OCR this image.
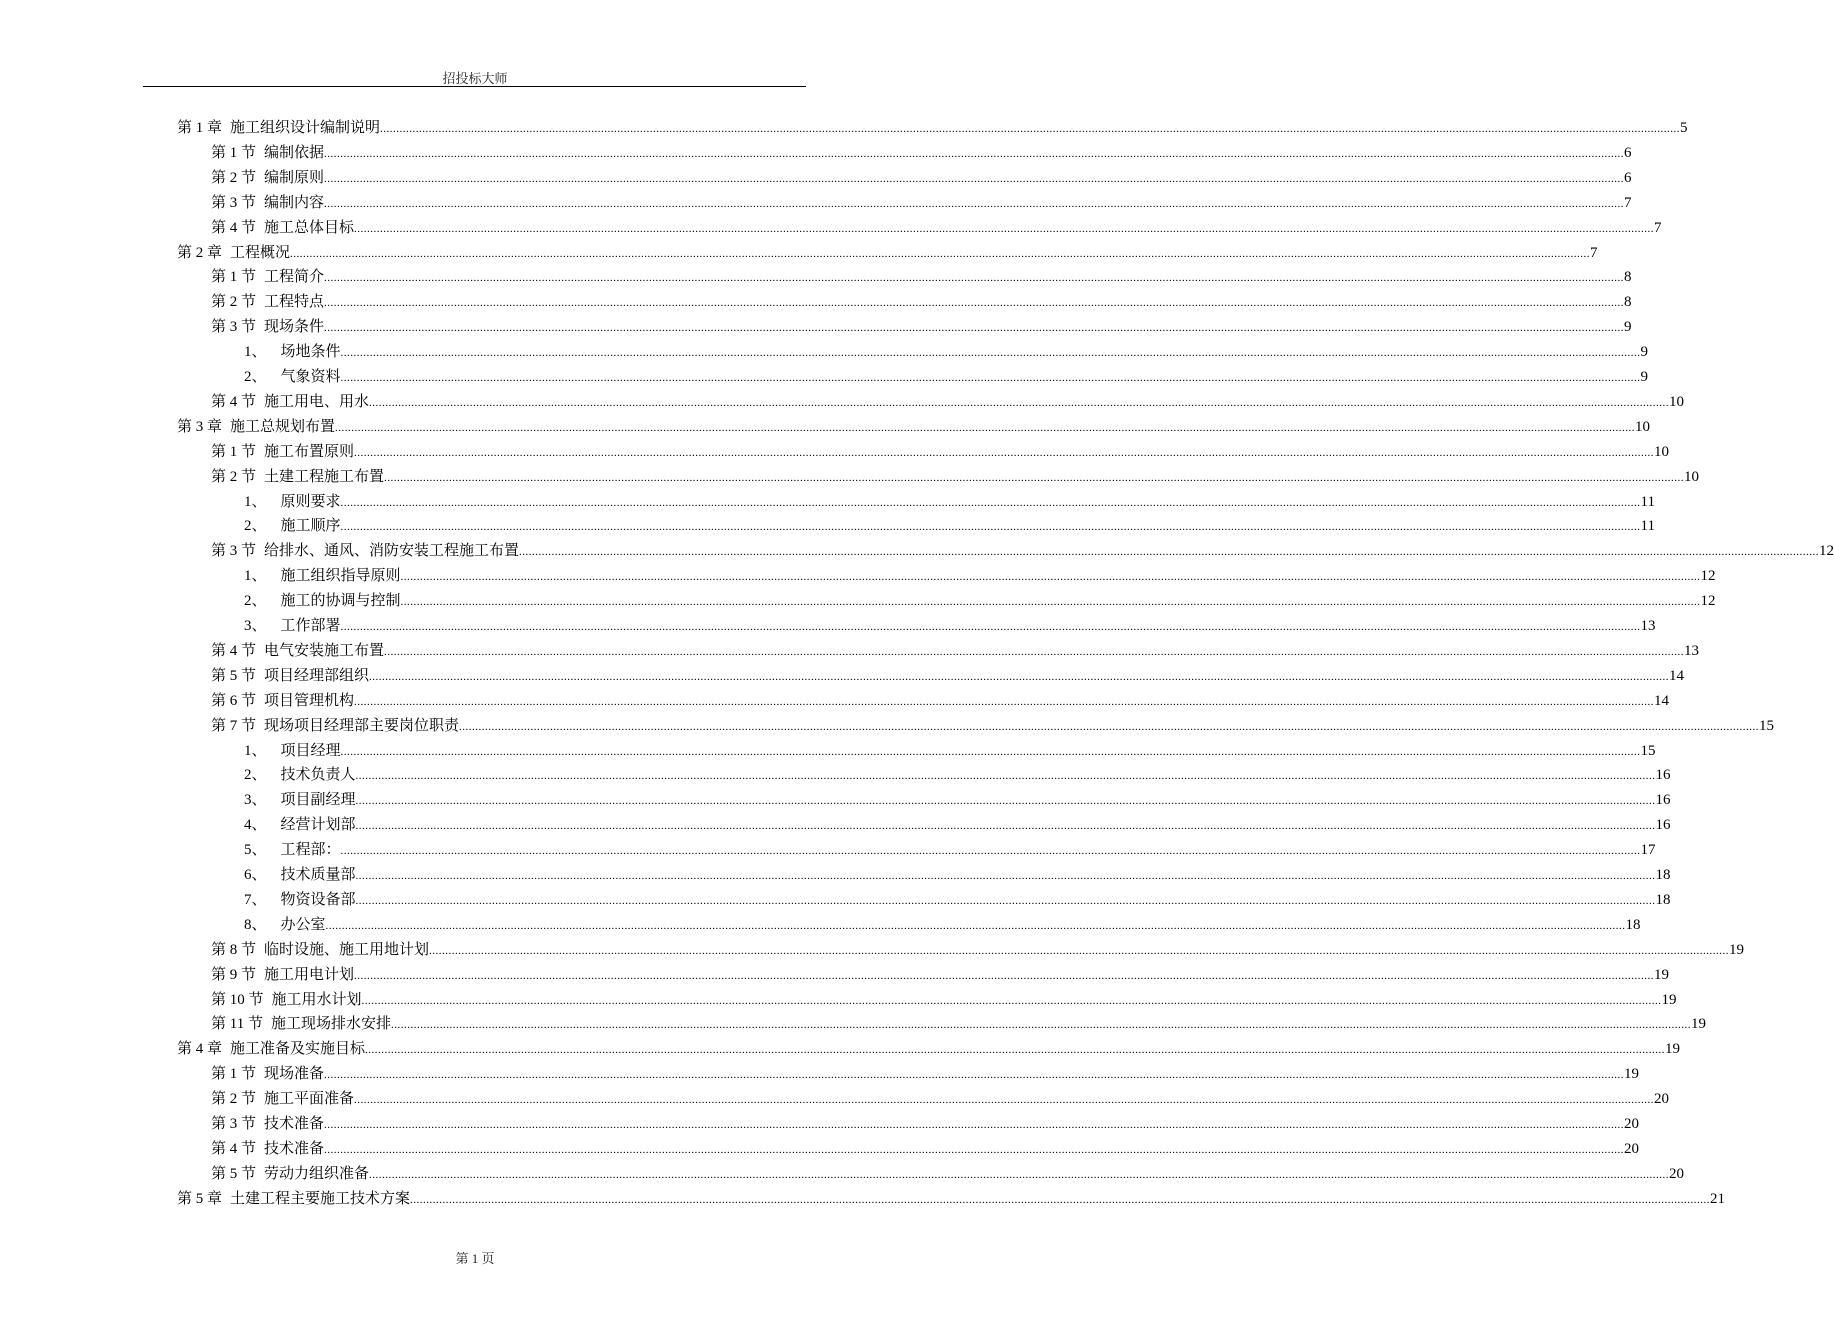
招投标大师
第 1 章 施工组织设计编制说明 ................................................................................................................................................................................................................................................................................................................................................................................................................ 5
第 1 节 编制依据 ................................................................................................................................................................................................................................................................................................................................................................................................................ 6
第 2 节 编制原则 ................................................................................................................................................................................................................................................................................................................................................................................................................ 6
第 3 节 编制内容 ................................................................................................................................................................................................................................................................................................................................................................................................................ 7
第 4 节 施工总体目标 ................................................................................................................................................................................................................................................................................................................................................................................................................ 7
第 2 章 工程概况 ................................................................................................................................................................................................................................................................................................................................................................................................................ 7
第 1 节 工程简介 ................................................................................................................................................................................................................................................................................................................................................................................................................ 8
第 2 节 工程特点 ................................................................................................................................................................................................................................................................................................................................................................................................................ 8
第 3 节 现场条件 ................................................................................................................................................................................................................................................................................................................................................................................................................ 9
1、 场地条件 ................................................................................................................................................................................................................................................................................................................................................................................................................ 9
2、 气象资料 ................................................................................................................................................................................................................................................................................................................................................................................................................ 9
第 4 节 施工用电、用水 ................................................................................................................................................................................................................................................................................................................................................................................................................ 10
第 3 章 施工总规划布置 ................................................................................................................................................................................................................................................................................................................................................................................................................ 10
第 1 节 施工布置原则 ................................................................................................................................................................................................................................................................................................................................................................................................................ 10
第 2 节 土建工程施工布置 ................................................................................................................................................................................................................................................................................................................................................................................................................ 10
1、 原则要求 ................................................................................................................................................................................................................................................................................................................................................................................................................ 11
2、 施工顺序 ................................................................................................................................................................................................................................................................................................................................................................................................................ 11
第 3 节 给排水、通风、消防安装工程施工布置 ................................................................................................................................................................................................................................................................................................................................................................................................................ 12
1、 施工组织指导原则 ................................................................................................................................................................................................................................................................................................................................................................................................................ 12
2、 施工的协调与控制 ................................................................................................................................................................................................................................................................................................................................................................................................................ 12
3、 工作部署 ................................................................................................................................................................................................................................................................................................................................................................................................................ 13
第 4 节 电气安装施工布置 ................................................................................................................................................................................................................................................................................................................................................................................................................ 13
第 5 节 项目经理部组织 ................................................................................................................................................................................................................................................................................................................................................................................................................ 14
第 6 节 项目管理机构 ................................................................................................................................................................................................................................................................................................................................................................................................................ 14
第 7 节 现场项目经理部主要岗位职责 ................................................................................................................................................................................................................................................................................................................................................................................................................ 15
1、 项目经理 ................................................................................................................................................................................................................................................................................................................................................................................................................ 15
2、 技术负责人 ................................................................................................................................................................................................................................................................................................................................................................................................................ 16
3、 项目副经理 ................................................................................................................................................................................................................................................................................................................................................................................................................ 16
4、 经营计划部 ................................................................................................................................................................................................................................................................................................................................................................................................................ 16
5、 工程部： ................................................................................................................................................................................................................................................................................................................................................................................................................ 17
6、 技术质量部 ................................................................................................................................................................................................................................................................................................................................................................................................................ 18
7、 物资设备部 ................................................................................................................................................................................................................................................................................................................................................................................................................ 18
8、 办公室 ................................................................................................................................................................................................................................................................................................................................................................................................................ 18
第 8 节 临时设施、施工用地计划 ................................................................................................................................................................................................................................................................................................................................................................................................................ 19
第 9 节 施工用电计划 ................................................................................................................................................................................................................................................................................................................................................................................................................ 19
第 10 节 施工用水计划 ................................................................................................................................................................................................................................................................................................................................................................................................................ 19
第 11 节 施工现场排水安排 ................................................................................................................................................................................................................................................................................................................................................................................................................ 19
第 4 章 施工准备及实施目标 ................................................................................................................................................................................................................................................................................................................................................................................................................ 19
第 1 节 现场准备 ................................................................................................................................................................................................................................................................................................................................................................................................................ 19
第 2 节 施工平面准备 ................................................................................................................................................................................................................................................................................................................................................................................................................ 20
第 3 节 技术准备 ................................................................................................................................................................................................................................................................................................................................................................................................................ 20
第 4 节 技术准备 ................................................................................................................................................................................................................................................................................................................................................................................................................ 20
第 5 节 劳动力组织准备 ................................................................................................................................................................................................................................................................................................................................................................................................................ 20
第 5 章 土建工程主要施工技术方案 ................................................................................................................................................................................................................................................................................................................................................................................................................ 21
第 1 页
